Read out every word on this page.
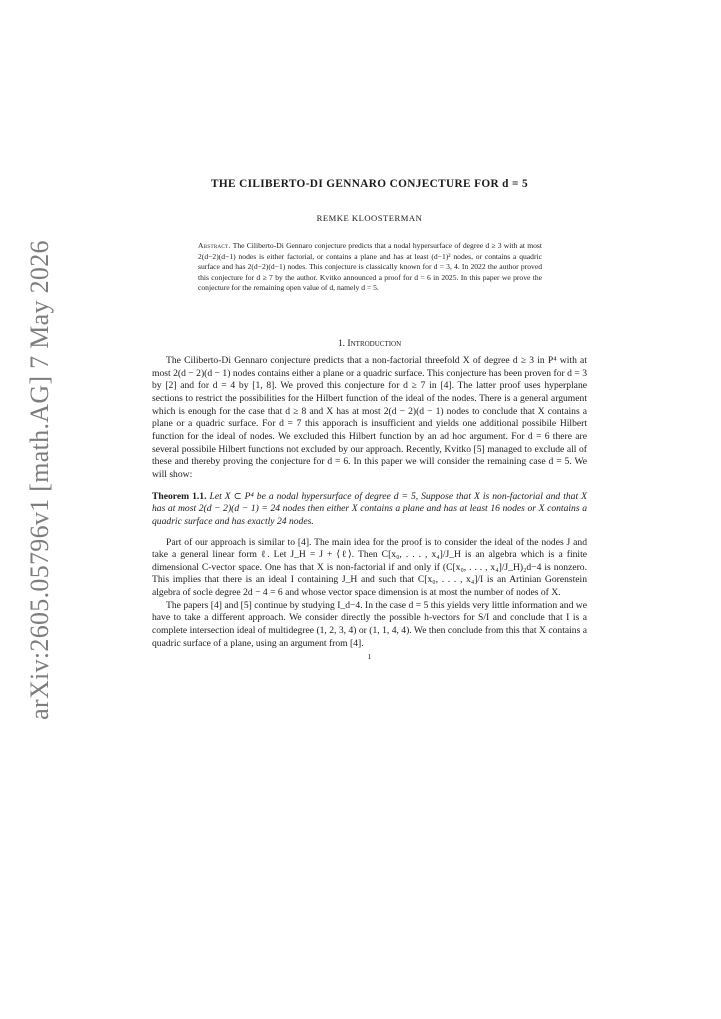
arXiv:2605.05796v1 [math.AG] 7 May 2026
THE CILIBERTO-DI GENNARO CONJECTURE FOR d = 5
REMKE KLOOSTERMAN
Abstract. The Ciliberto-Di Gennaro conjecture predicts that a nodal hypersurface of degree d ≥ 3 with at most 2(d−2)(d−1) nodes is either factorial, or contains a plane and has at least (d−1)² nodes, or contains a quadric surface and has 2(d−2)(d−1) nodes. This conjecture is classically known for d = 3, 4. In 2022 the author proved this conjecture for d ≥ 7 by the author. Kvitko announced a proof for d = 6 in 2025. In this paper we prove the conjecture for the remaining open value of d, namely d = 5.
1. Introduction

The Ciliberto-Di Gennaro conjecture predicts that a non-factorial threefold X of degree d ≥ 3 in P⁴ with at most 2(d − 2)(d − 1) nodes contains either a plane or a quadric surface. This conjecture has been proven for d = 3 by [2] and for d = 4 by [1, 8]. We proved this conjecture for d ≥ 7 in [4]. The latter proof uses hyperplane sections to restrict the possibilities for the Hilbert function of the ideal of the nodes. There is a general argument which is enough for the case that d ≥ 8 and X has at most 2(d − 2)(d − 1) nodes to conclude that X contains a plane or a quadric surface. For d = 7 this apporach is insufficient and yields one additional possibile Hilbert function for the ideal of nodes. We excluded this Hilbert function by an ad hoc argument. For d = 6 there are several possibile Hilbert functions not excluded by our approach. Recently, Kvitko [5] managed to exclude all of these and thereby proving the conjecture for d = 6. In this paper we will consider the remaining case d = 5. We will show:

Theorem 1.1. Let X ⊂ P⁴ be a nodal hypersurface of degree d = 5, Suppose that X is non-factorial and that X has at most 2(d − 2)(d − 1) = 24 nodes then either X contains a plane and has at least 16 nodes or X contains a quadric surface and has exactly 24 nodes.

Part of our approach is similar to [4]. The main idea for the proof is to consider the ideal of the nodes J and take a general linear form ℓ. Let J_H = J + ⟨ℓ⟩. Then C[x₀, . . . , x₄]/J_H is an algebra which is a finite dimensional C-vector space. One has that X is non-factorial if and only if (C[x₀, . . . , x₄]/J_H)₂d−4 is nonzero. This implies that there is an ideal I containing J_H and such that C[x₀, . . . , x₄]/I is an Artinian Gorenstein algebra of socle degree 2d − 4 = 6 and whose vector space dimension is at most the number of nodes of X.

The papers [4] and [5] continue by studying I_d−4. In the case d = 5 this yields very little information and we have to take a different approach. We consider directly the possible h-vectors for S/I and conclude that I is a complete intersection ideal of multidegree (1, 2, 3, 4) or (1, 1, 4, 4). We then conclude from this that X contains a quadric surface of a plane, using an argument from [4].

1
